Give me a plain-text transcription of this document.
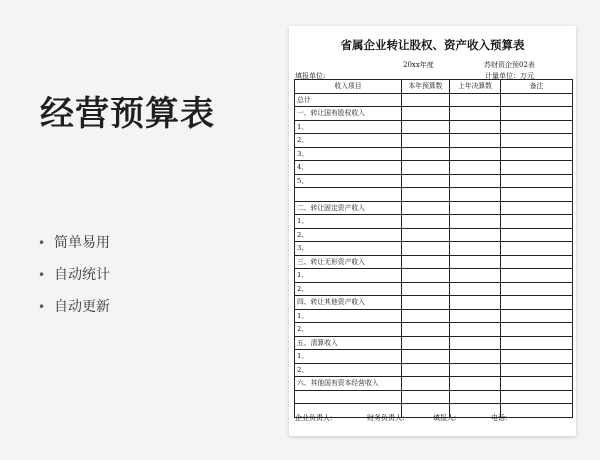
经营预算表
• 简单易用
• 自动统计
• 自动更新
省属企业转让股权、资产收入预算表
20xx年度	苏财资企预02表
填报单位:	计量单位：万元
收入项目	本年预算数	上年决算数	备注
总计			
一、转让国有股权收入			
1、			
2、			
3、			
4、			
5、			

二、转让固定资产收入			
1、			
2、			
3、			
三、转让无形资产收入			
1、			
2、			
四、转让其他资产收入			
1、			
2、			
五、清算收入			
1、			
2、			
六、其他国有资本经营收入			

企业负责人:	财务负责人:	填报人:	电话:
